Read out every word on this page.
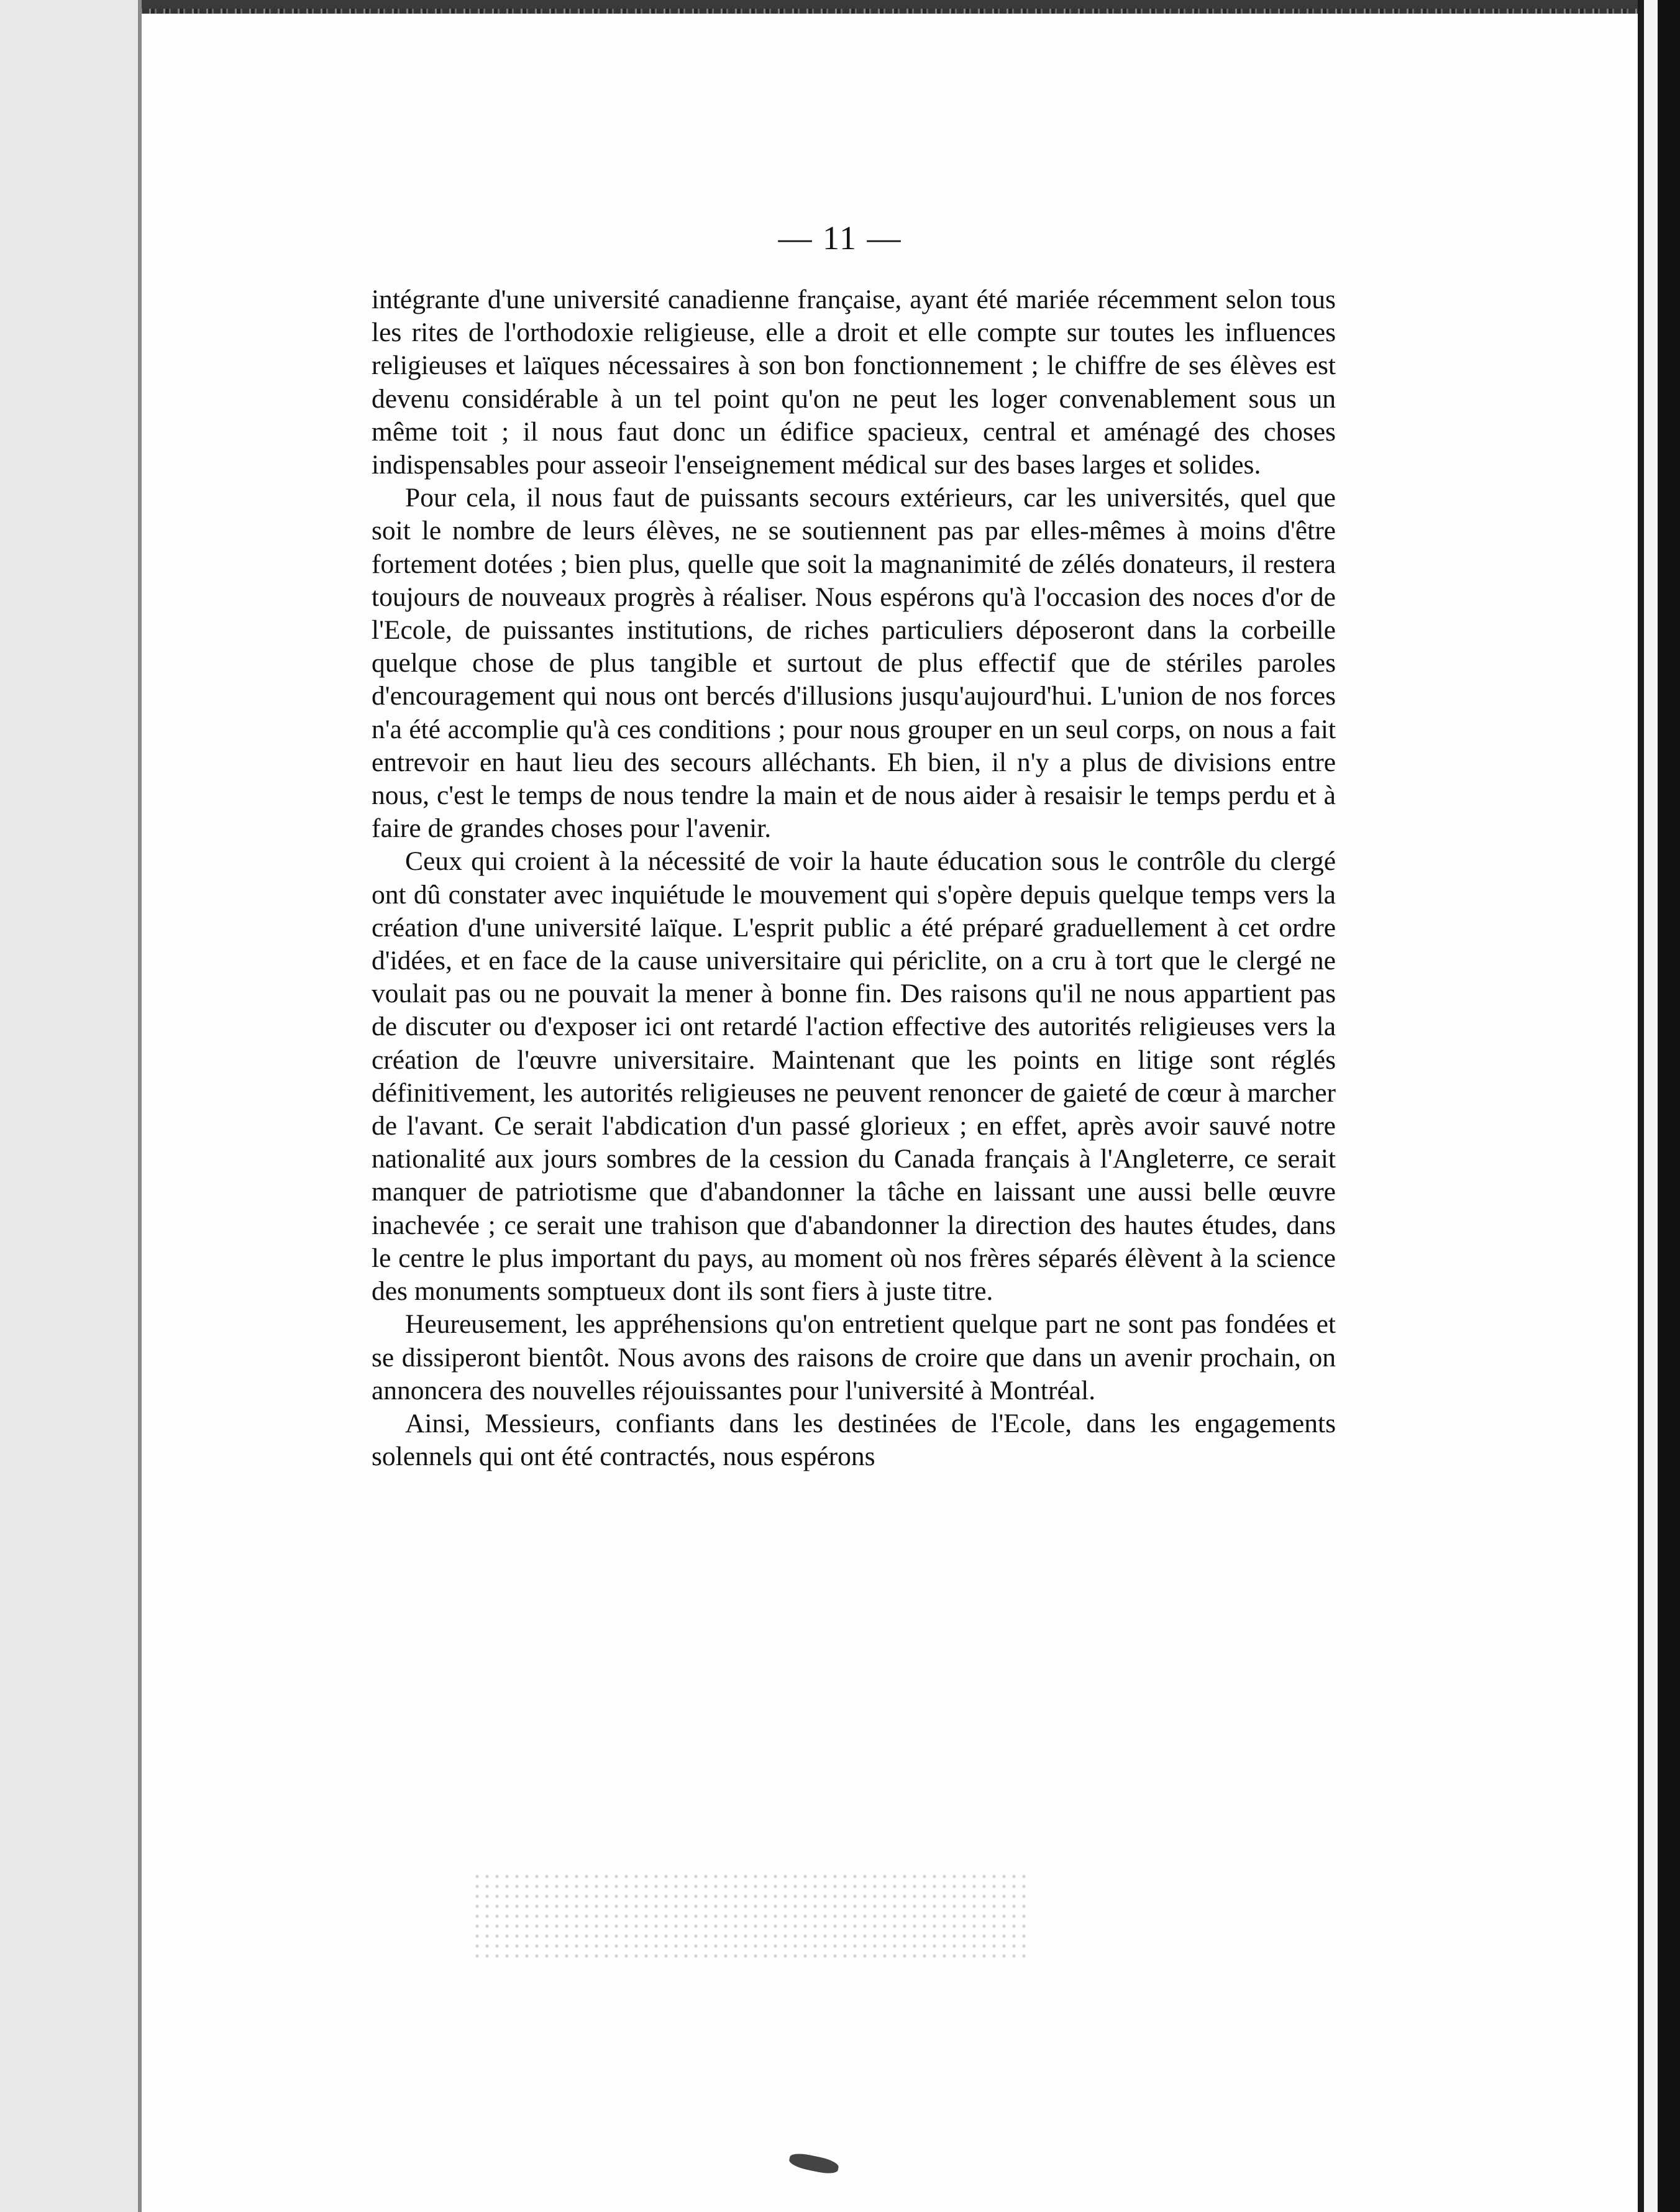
— 11 —

intégrante d'une université canadienne française, ayant été mariée récemment selon tous les rites de l'orthodoxie religieuse, elle a droit et elle compte sur toutes les influences religieuses et laïques nécessaires à son bon fonctionnement ; le chiffre de ses élèves est devenu considérable à un tel point qu'on ne peut les loger convenablement sous un même toit ; il nous faut donc un édifice spacieux, central et aménagé des choses indispensables pour asseoir l'enseignement médical sur des bases larges et solides.

Pour cela, il nous faut de puissants secours extérieurs, car les universités, quel que soit le nombre de leurs élèves, ne se soutiennent pas par elles-mêmes à moins d'être fortement dotées ; bien plus, quelle que soit la magnanimité de zélés donateurs, il restera toujours de nouveaux progrès à réaliser. Nous espérons qu'à l'occasion des noces d'or de l'Ecole, de puissantes institutions, de riches particuliers déposeront dans la corbeille quelque chose de plus tangible et surtout de plus effectif que de stériles paroles d'encouragement qui nous ont bercés d'illusions jusqu'aujourd'hui. L'union de nos forces n'a été accomplie qu'à ces conditions ; pour nous grouper en un seul corps, on nous a fait entrevoir en haut lieu des secours alléchants. Eh bien, il n'y a plus de divisions entre nous, c'est le temps de nous tendre la main et de nous aider à resaisir le temps perdu et à faire de grandes choses pour l'avenir.

Ceux qui croient à la nécessité de voir la haute éducation sous le contrôle du clergé ont dû constater avec inquiétude le mouvement qui s'opère depuis quelque temps vers la création d'une université laïque. L'esprit public a été préparé graduellement à cet ordre d'idées, et en face de la cause universitaire qui périclite, on a cru à tort que le clergé ne voulait pas ou ne pouvait la mener à bonne fin. Des raisons qu'il ne nous appartient pas de discuter ou d'exposer ici ont retardé l'action effective des autorités religieuses vers la création de l'œuvre universitaire. Maintenant que les points en litige sont réglés définitivement, les autorités religieuses ne peuvent renoncer de gaieté de cœur à marcher de l'avant. Ce serait l'abdication d'un passé glorieux ; en effet, après avoir sauvé notre nationalité aux jours sombres de la cession du Canada français à l'Angleterre, ce serait manquer de patriotisme que d'abandonner la tâche en laissant une aussi belle œuvre inachevée ; ce serait une trahison que d'abandonner la direction des hautes études, dans le centre le plus important du pays, au moment où nos frères séparés élèvent à la science des monuments somptueux dont ils sont fiers à juste titre.

Heureusement, les appréhensions qu'on entretient quelque part ne sont pas fondées et se dissiperont bientôt. Nous avons des raisons de croire que dans un avenir prochain, on annoncera des nouvelles réjouissantes pour l'université à Montréal.

Ainsi, Messieurs, confiants dans les destinées de l'Ecole, dans les engagements solennels qui ont été contractés, nous espérons
